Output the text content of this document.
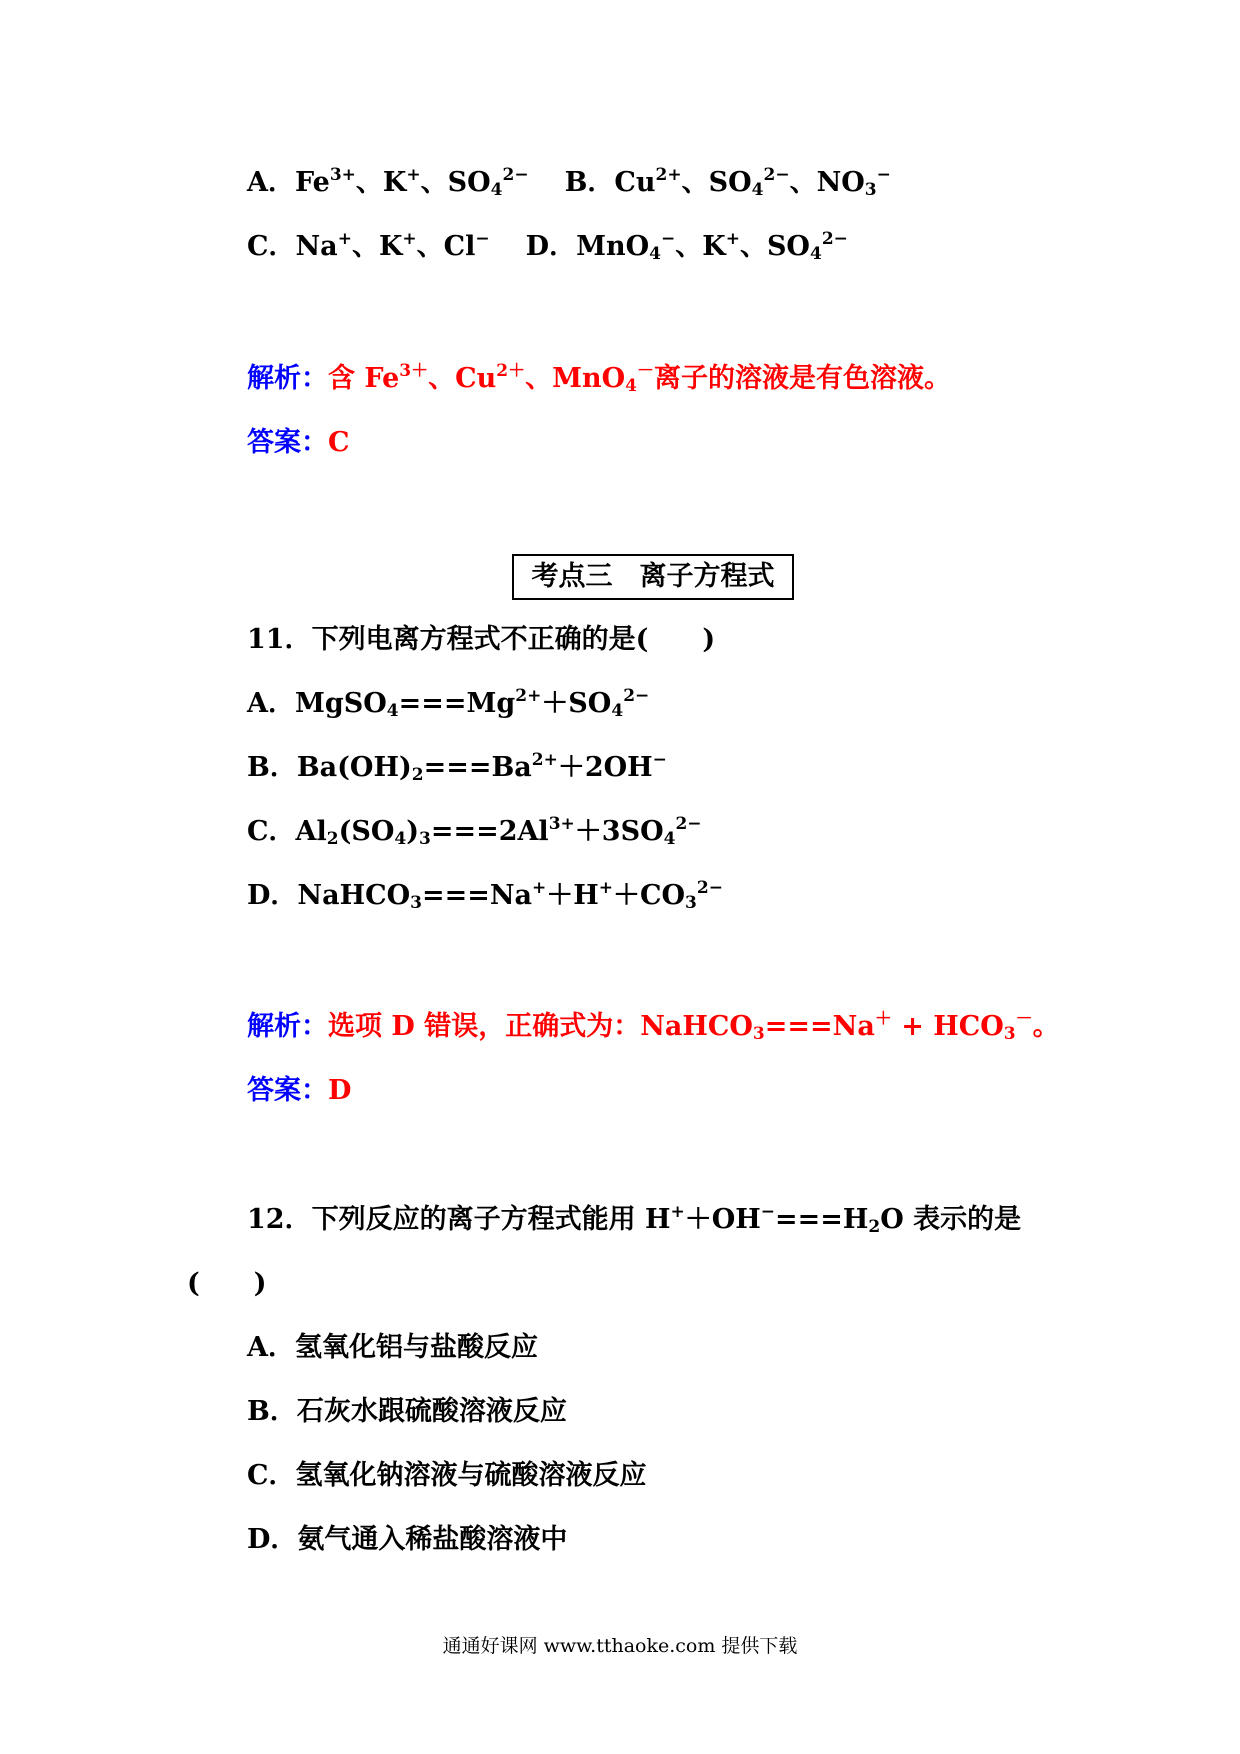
A．$Fe^{3+}$、K+、$SO_4^{2-}$ B．$Cu^{2+}$、$SO_4^{2-}$、$NO_3^-$
C．Na+、K+、Cl− D．MnO$_4$−、K+、$SO_4^{2-}$
解析：含 $Fe^{3+}$、$Cu^{2+}$、MnO$_4$－离子的溶液是有色溶液。
答案：C
考点三　离子方程式
11．下列电离方程式不正确的是(　　)
A．$MgSO_4===Mg^{2+}+SO_4^{2-}$
B．$Ba(OH)_2===Ba^{2+}+2OH^-$
C．$Al_2(SO_4)_3===2Al^{3+}+3SO_4^{2-}$
D．$NaHCO_3===Na^++H^++CO_3^{2-}$
解析：选项 D 错误，正确式为：NaHCO$_3$===Na＋ + $HCO_3^-$。
答案：D
12．下列反应的离子方程式能用 $H^++OH^-===H_2O$ 表示的是
(　　)
A．氢氧化铝与盐酸反应
B．石灰水跟硫酸溶液反应
C．氢氧化钠溶液与硫酸溶液反应
D．氨气通入稀盐酸溶液中
通通好课网 www.tthaoke.com 提供下载
